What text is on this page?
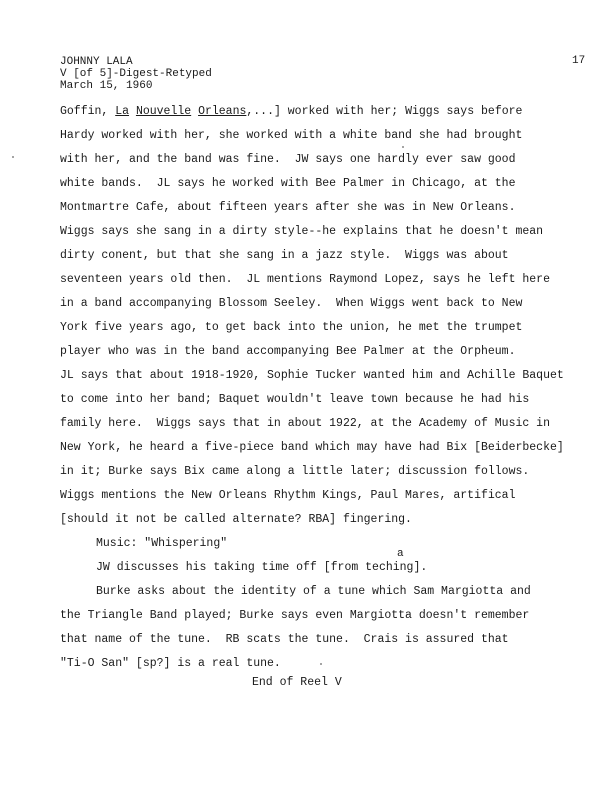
JOHNNY LALA
V [of 5]-Digest-Retyped
March 15, 1960
17
Goffin, La Nouvelle Orleans,...] worked with her; Wiggs says before
Hardy worked with her, she worked with a white band she had brought
with her, and the band was fine.  JW says one hardly ever saw good
white bands.  JL says he worked with Bee Palmer in Chicago, at the
Montmartre Cafe, about fifteen years after she was in New Orleans.
Wiggs says she sang in a dirty style--he explains that he doesn't mean
dirty conent, but that she sang in a jazz style.  Wiggs was about
seventeen years old then.  JL mentions Raymond Lopez, says he left here
in a band accompanying Blossom Seeley.  When Wiggs went back to New
York five years ago, to get back into the union, he met the trumpet
player who was in the band accompanying Bee Palmer at the Orpheum.
JL says that about 1918-1920, Sophie Tucker wanted him and Achille Baquet
to come into her band; Baquet wouldn't leave town because he had his
family here.  Wiggs says that in about 1922, at the Academy of Music in
New York, he heard a five-piece band which may have had Bix [Beiderbecke]
in it; Burke says Bix came along a little later; discussion follows.
Wiggs mentions the New Orleans Rhythm Kings, Paul Mares, artifical
[should it not be called alternate? RBA] fingering.
Music: "Whispering"
JW discusses his taking time off [from teching].
Burke asks about the identity of a tune which Sam Margiotta and
the Triangle Band played; Burke says even Margiotta doesn't remember
that name of the tune.  RB scats the tune.  Crais is assured that
"Ti-O San" [sp?] is a real tune.
a
End of Reel V
